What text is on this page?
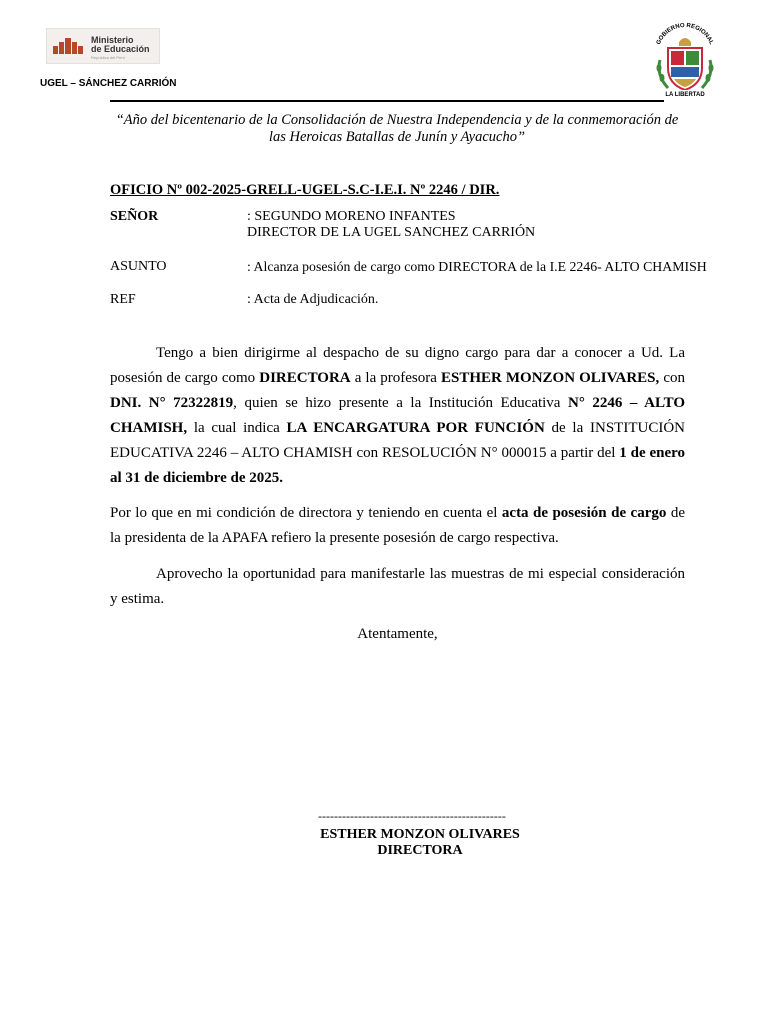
Ministerio
de Educación
República del Perú
UGEL – SÁNCHEZ CARRIÓN
GOBIERNO REGIONAL
LA LIBERTAD
“Año del bicentenario de la Consolidación de Nuestra Independencia y de la conmemoración de las Heroicas Batallas de Junín y Ayacucho”
OFICIO Nº 002-2025-GRELL-UGEL-S.C-I.E.I. Nº 2246 / DIR.
SEÑOR	: SEGUNDO MORENO INFANTES
DIRECTOR DE LA UGEL SANCHEZ CARRIÓN
ASUNTO	: Alcanza posesión de cargo como DIRECTORA de la I.E 2246- ALTO CHAMISH
REF	: Acta de Adjudicación.
Tengo a bien dirigirme al despacho de su digno cargo para dar a conocer a Ud. La posesión de cargo como DIRECTORA a la profesora ESTHER MONZON OLIVARES, con DNI. N° 72322819, quien se hizo presente a la Institución Educativa N° 2246 – ALTO CHAMISH, la cual indica LA ENCARGATURA POR FUNCIÓN de la INSTITUCIÓN EDUCATIVA 2246 – ALTO CHAMISH con RESOLUCIÓN N° 000015 a partir del 1 de enero al 31 de diciembre de 2025.
Por lo que en mi condición de directora y teniendo en cuenta el acta de posesión de cargo de la presidenta de la APAFA refiero la presente posesión de cargo respectiva.
Aprovecho la oportunidad para manifestarle las muestras de mi especial consideración y estima.
Atentamente,
-----------------------------------------------
ESTHER MONZON OLIVARES
DIRECTORA
